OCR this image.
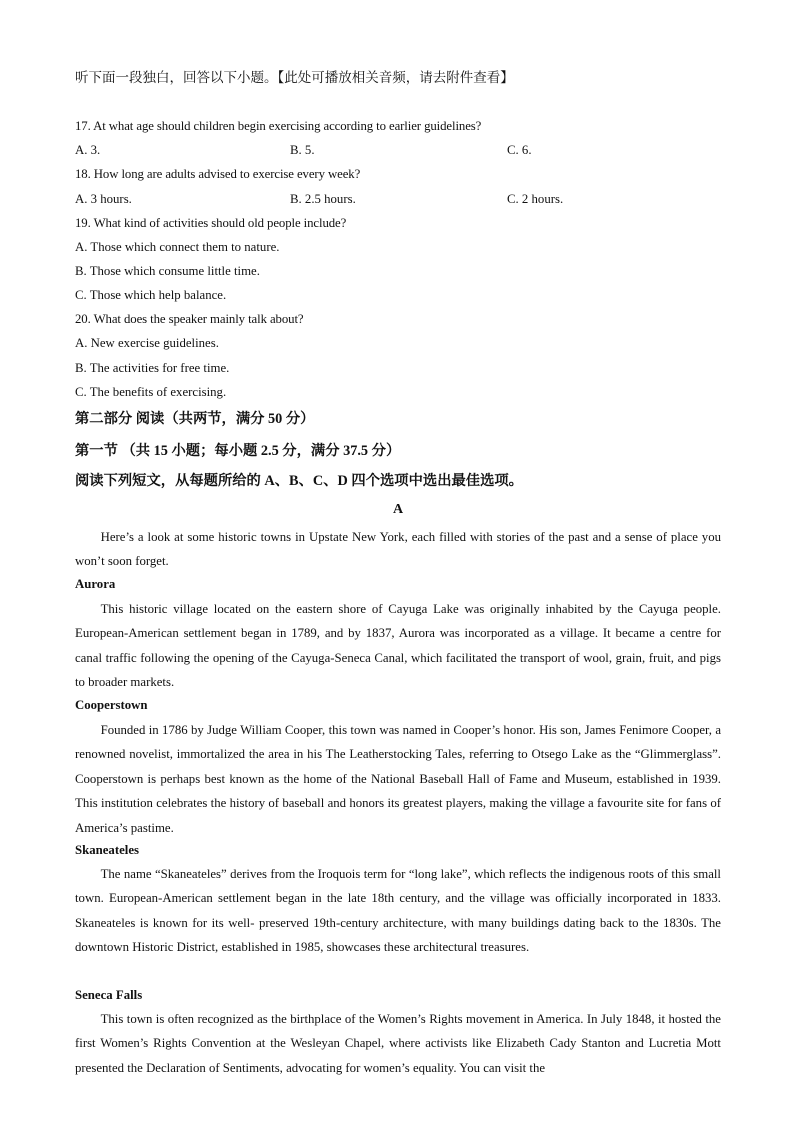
听下面一段独白，回答以下小题。【此处可播放相关音频，请去附件查看】
17. At what age should children begin exercising according to earlier guidelines?
A. 3.	B. 5.	C. 6.
18. How long are adults advised to exercise every week?
A. 3 hours.	B. 2.5 hours.	C. 2 hours.
19. What kind of activities should old people include?
A. Those which connect them to nature.
B. Those which consume little time.
C. Those which help balance.
20. What does the speaker mainly talk about?
A. New exercise guidelines.
B. The activities for free time.
C. The benefits of exercising.
第二部分 阅读（共两节，满分 50 分）
第一节 （共 15 小题；每小题 2.5 分，满分 37.5 分）
阅读下列短文，从每题所给的 A、B、C、D 四个选项中选出最佳选项。
A
Here’s a look at some historic towns in Upstate New York, each filled with stories of the past and a sense of place you won’t soon forget.
Aurora
This historic village located on the eastern shore of Cayuga Lake was originally inhabited by the Cayuga people. European-American settlement began in 1789, and by 1837, Aurora was incorporated as a village. It became a centre for canal traffic following the opening of the Cayuga-Seneca Canal, which facilitated the transport of wool, grain, fruit, and pigs to broader markets.
Cooperstown
Founded in 1786 by Judge William Cooper, this town was named in Cooper’s honor. His son, James Fenimore Cooper, a renowned novelist, immortalized the area in his The Leatherstocking Tales, referring to Otsego Lake as the “Glimmerglass”. Cooperstown is perhaps best known as the home of the National Baseball Hall of Fame and Museum, established in 1939. This institution celebrates the history of baseball and honors its greatest players, making the village a favourite site for fans of America’s pastime.
Skaneateles
The name “Skaneateles” derives from the Iroquois term for “long lake”, which reflects the indigenous roots of this small town. European-American settlement began in the late 18th century, and the village was officially incorporated in 1833. Skaneateles is known for its well- preserved 19th-century architecture, with many buildings dating back to the 1830s. The downtown Historic District, established in 1985, showcases these architectural treasures.
Seneca Falls
This town is often recognized as the birthplace of the Women’s Rights movement in America. In July 1848, it hosted the first Women’s Rights Convention at the Wesleyan Chapel, where activists like Elizabeth Cady Stanton and Lucretia Mott presented the Declaration of Sentiments, advocating for women’s equality. You can visit the
